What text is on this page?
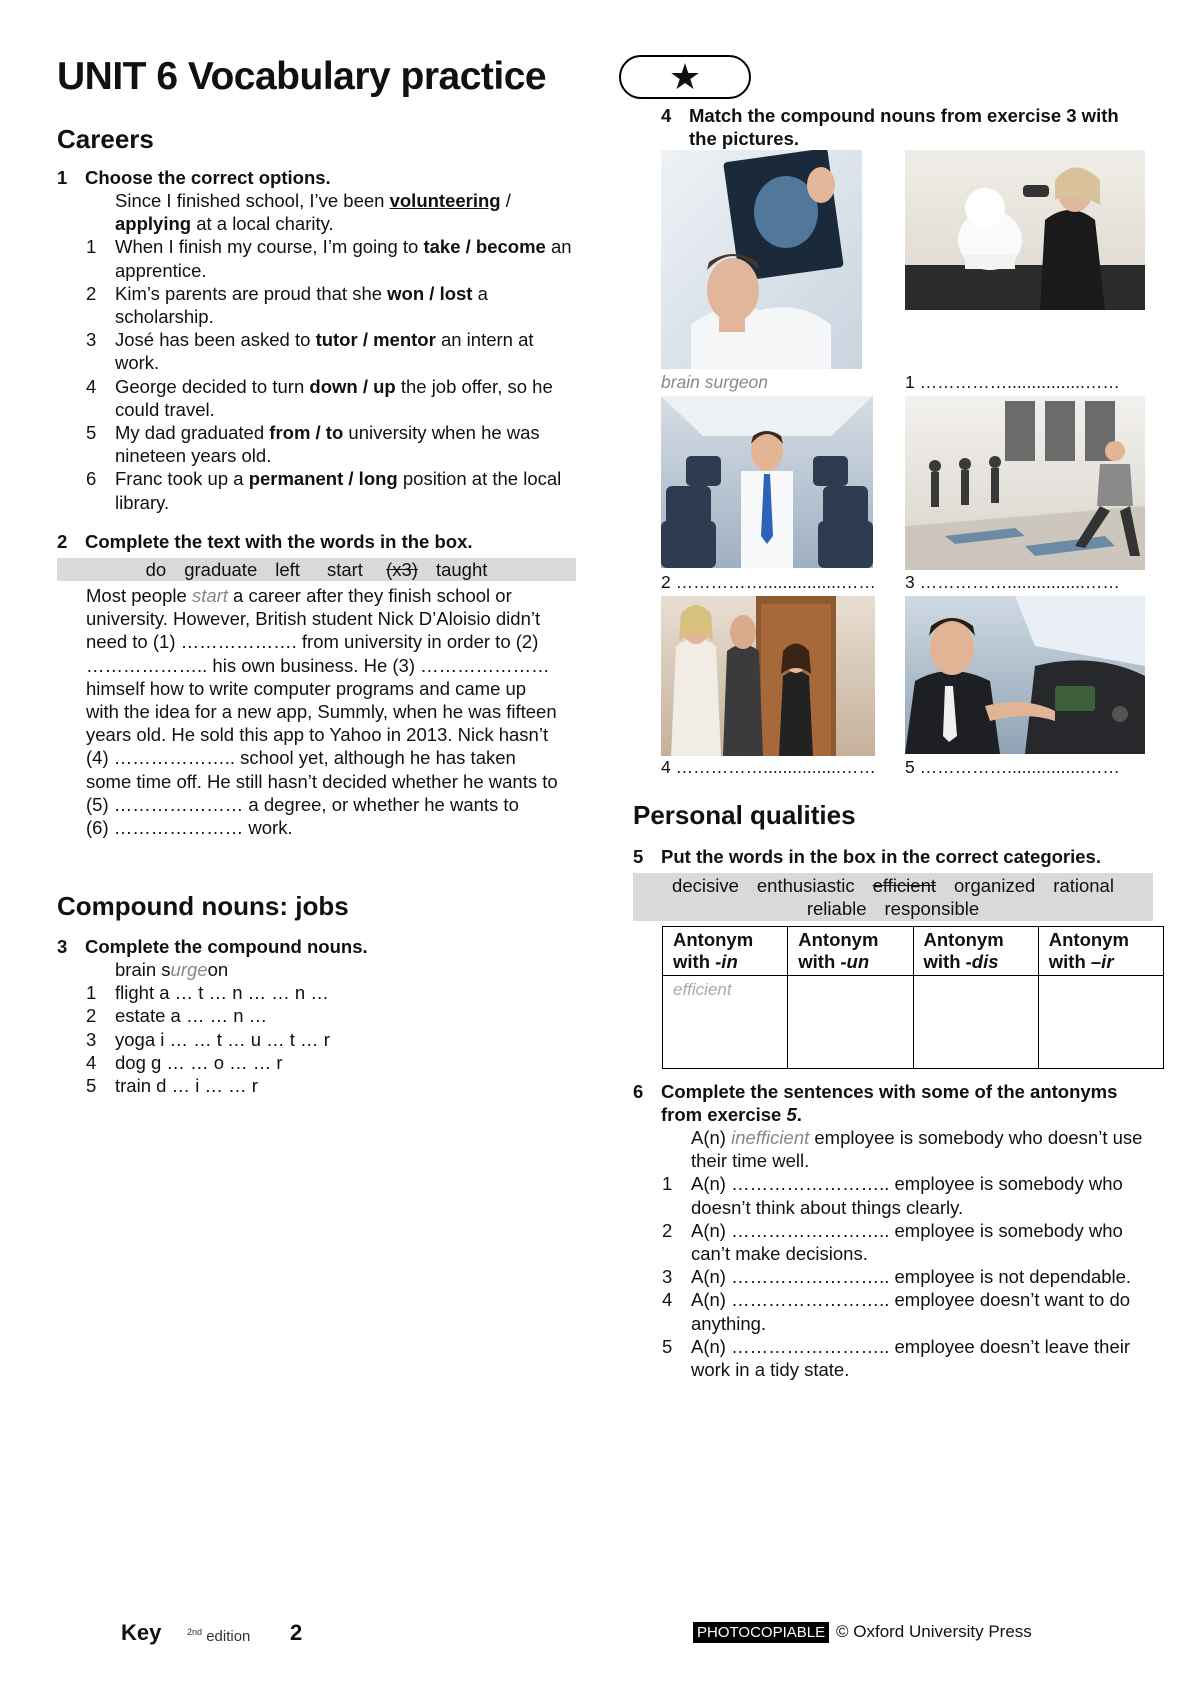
UNIT 6 Vocabulary practice	★
Careers
1 Choose the correct options.
Since I finished school, I’ve been volunteering / applying at a local charity.
1 When I finish my course, I’m going to take / become an apprentice.
2 Kim’s parents are proud that she won / lost a scholarship.
3 José has been asked to tutor / mentor an intern at work.
4 George decided to turn down / up the job offer, so he could travel.
5 My dad graduated from / to university when he was nineteen years old.
6 Franc took up a permanent / long position at the local library.
2 Complete the text with the words in the box.
do graduate left start (x3) taught
Most people start a career after they finish school or university. However, British student Nick D’Aloisio didn’t need to (1) ………………. from university in order to (2) ……………….. his own business. He (3) ………………… himself how to write computer programs and came up with the idea for a new app, Summly, when he was fifteen years old. He sold this app to Yahoo in 2013. Nick hasn’t (4) ……………….. school yet, although he has taken some time off. He still hasn’t decided whether he wants to
(5) ………………… a degree, or whether he wants to
(6) ………………… work.
Compound nouns: jobs
3 Complete the compound nouns.
brain surgeon
1 flight a … t … n … … n …
2 estate a … … n …
3 yoga i … … t … u … t … r
4 dog g … … o … … r
5 train d … i … … r
4 Match the compound nouns from exercise 3 with the pictures.
brain surgeon	1 ……………................……
2 ……………................…… 3 ……………................……
4 ……………................…… 5 ……………................……
Personal qualities
5 Put the words in the box in the correct categories.
decisive enthusiastic efficient organized rational
reliable responsible
Antonym
with -in	Antonym
with -un	Antonym
with -dis	Antonym
with –ir
efficient			
6 Complete the sentences with some of the antonyms from exercise 5.
A(n) inefficient employee is somebody who doesn’t use their time well.
1 A(n) …………………….. employee is somebody who doesn’t think about things clearly.
2 A(n) …………………….. employee is somebody who can’t make decisions.
3 A(n) …………………….. employee is not dependable.
4 A(n) …………………….. employee doesn’t want to do anything.
5 A(n) …………………….. employee doesn’t leave their work in a tidy state.
Key	$^{2nd}$ edition 2	PHOTOCOPIABLE © Oxford University Press
